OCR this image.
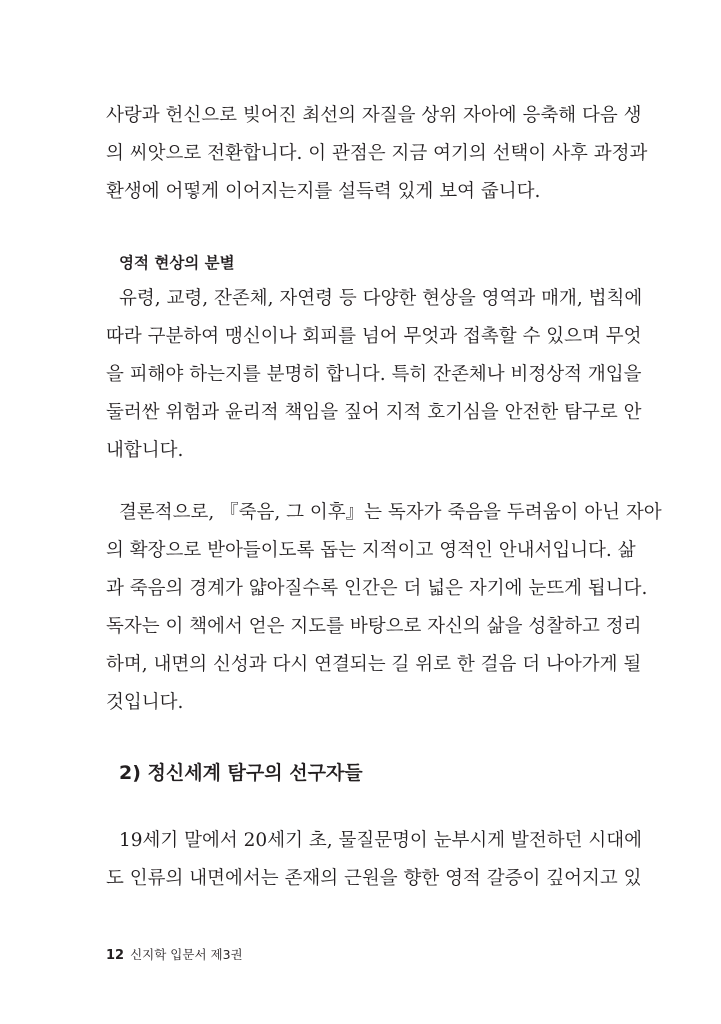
사랑과 헌신으로 빚어진 최선의 자질을 상위 자아에 응축해 다음 생
의 씨앗으로 전환합니다. 이 관점은 지금 여기의 선택이 사후 과정과
환생에 어떻게 이어지는지를 설득력 있게 보여 줍니다.
영적 현상의 분별
유령, 교령, 잔존체, 자연령 등 다양한 현상을 영역과 매개, 법칙에
따라 구분하여 맹신이나 회피를 넘어 무엇과 접촉할 수 있으며 무엇
을 피해야 하는지를 분명히 합니다. 특히 잔존체나 비정상적 개입을
둘러싼 위험과 윤리적 책임을 짚어 지적 호기심을 안전한 탐구로 안
내합니다.
결론적으로, 『죽음, 그 이후』는 독자가 죽음을 두려움이 아닌 자아
의 확장으로 받아들이도록 돕는 지적이고 영적인 안내서입니다. 삶
과 죽음의 경계가 얇아질수록 인간은 더 넓은 자기에 눈뜨게 됩니다.
독자는 이 책에서 얻은 지도를 바탕으로 자신의 삶을 성찰하고 정리
하며, 내면의 신성과 다시 연결되는 길 위로 한 걸음 더 나아가게 될
것입니다.
2) 정신세계 탐구의 선구자들
19세기 말에서 20세기 초, 물질문명이 눈부시게 발전하던 시대에
도 인류의 내면에서는 존재의 근원을 향한 영적 갈증이 깊어지고 있
12 신지학 입문서 제3권
